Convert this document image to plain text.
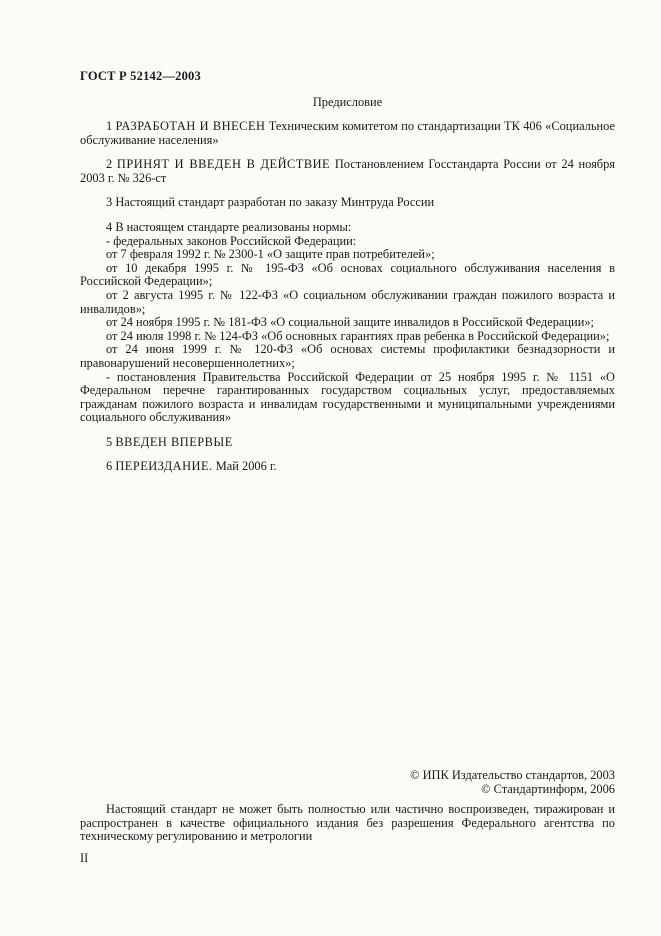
ГОСТ Р 52142—2003
Предисловие

1 РАЗРАБОТАН И ВНЕСЕН Техническим комитетом по стандартизации ТК 406 «Социальное обслуживание населения»

2 ПРИНЯТ И ВВЕДЕН В ДЕЙСТВИЕ Постановлением Госстандарта России от 24 ноября 2003 г. № 326-ст

3 Настоящий стандарт разработан по заказу Минтруда России

4 В настоящем стандарте реализованы нормы:

- федеральных законов Российской Федерации:

от 7 февраля 1992 г. № 2300-1 «О защите прав потребителей»;

от 10 декабря 1995 г. № 195-ФЗ «Об основах социального обслуживания населения в Российской Федерации»;

от 2 августа 1995 г. № 122-ФЗ «О социальном обслуживании граждан пожилого возраста и инвалидов»;

от 24 ноября 1995 г. № 181-ФЗ «О социальной защите инвалидов в Российской Федерации»;

от 24 июля 1998 г. № 124-ФЗ «Об основных гарантиях прав ребенка в Российской Федерации»;

от 24 июня 1999 г. № 120-ФЗ «Об основах системы профилактики безнадзорности и правонарушений несовершеннолетних»;

- постановления Правительства Российской Федерации от 25 ноября 1995 г. № 1151 «О Федеральном перечне гарантированных государством социальных услуг, предоставляемых гражданам пожилого возраста и инвалидам государственными и муниципальными учреждениями социального обслуживания»

5 ВВЕДЕН ВПЕРВЫЕ

6 ПЕРЕИЗДАНИЕ. Май 2006 г.

© ИПК Издательство стандартов, 2003
© Стандартинформ, 2006

Настоящий стандарт не может быть полностью или частично воспроизведен, тиражирован и распространен в качестве официального издания без разрешения Федерального агентства по техническому регулированию и метрологии

II
